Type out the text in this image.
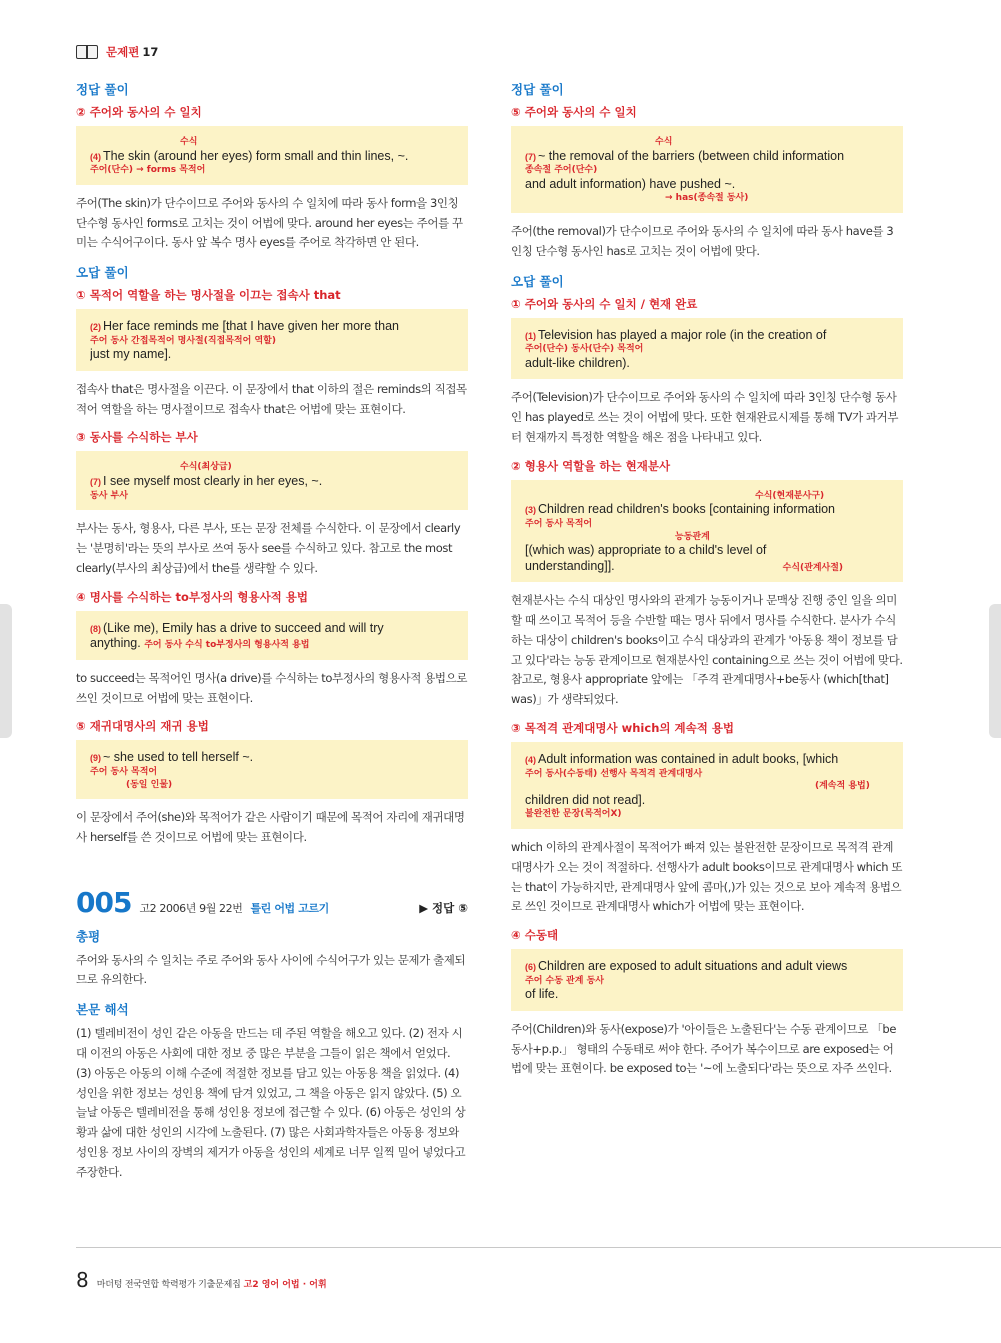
문제편 17
정답 풀이
② 주어와 동사의 수 일치
수식
(4) The skin (around her eyes) form small and thin lines, ~.
주어(단수) → forms 목적어
주어(The skin)가 단수이므로 주어와 동사의 수 일치에 따라 동사 form을 3인칭 단수형 동사인 forms로 고치는 것이 어법에 맞다. around her eyes는 주어를 꾸미는 수식어구이다. 동사 앞 복수 명사 eyes를 주어로 착각하면 안 된다.
오답 풀이
① 목적어 역할을 하는 명사절을 이끄는 접속사 that
(2) Her face reminds me [that I have given her more than
주어 동사 간접목적어 명사절(직접목적어 역할)
just my name].
접속사 that은 명사절을 이끈다. 이 문장에서 that 이하의 절은 reminds의 직접목적어 역할을 하는 명사절이므로 접속사 that은 어법에 맞는 표현이다.
③ 동사를 수식하는 부사
수식(최상급)
(7) I see myself most clearly in her eyes, ~.
동사 부사
부사는 동사, 형용사, 다른 부사, 또는 문장 전체를 수식한다. 이 문장에서 clearly는 '분명히'라는 뜻의 부사로 쓰여 동사 see를 수식하고 있다. 참고로 the most clearly(부사의 최상급)에서 the를 생략할 수 있다.
④ 명사를 수식하는 to부정사의 형용사적 용법
(8) (Like me), Emily has a drive to succeed and will try
anything. 주어 동사 수식 to부정사의 형용사적 용법
to succeed는 목적어인 명사(a drive)를 수식하는 to부정사의 형용사적 용법으로 쓰인 것이므로 어법에 맞는 표현이다.
⑤ 재귀대명사의 재귀 용법
(9) ~ she used to tell herself ~.
주어 동사 목적어
(동일 인물)
이 문장에서 주어(she)와 목적어가 같은 사람이기 때문에 목적어 자리에 재귀대명사 herself를 쓴 것이므로 어법에 맞는 표현이다.
005 고2 2006년 9월 22번 틀린 어법 고르기	▶ 정답 ⑤
총평
주어와 동사의 수 일치는 주로 주어와 동사 사이에 수식어구가 있는 문제가 출제되므로 유의한다.
본문 해석
(1) 텔레비전이 성인 같은 아동을 만드는 데 주된 역할을 해오고 있다. (2) 전자 시대 이전의 아동은 사회에 대한 정보 중 많은 부분을 그들이 읽은 책에서 얻었다. (3) 아동은 아동의 이해 수준에 적절한 정보를 담고 있는 아동용 책을 읽었다. (4) 성인을 위한 정보는 성인용 책에 담겨 있었고, 그 책을 아동은 읽지 않았다. (5) 오늘날 아동은 텔레비전을 통해 성인용 정보에 접근할 수 있다. (6) 아동은 성인의 상황과 삶에 대한 성인의 시각에 노출된다. (7) 많은 사회과학자들은 아동용 정보와 성인용 정보 사이의 장벽의 제거가 아동을 성인의 세계로 너무 일찍 밀어 넣었다고 주장한다.
정답 풀이
⑤ 주어와 동사의 수 일치
수식
(7) ~ the removal of the barriers (between child information
종속절 주어(단수)
and adult information) have pushed ~.
→ has(종속절 동사)
주어(the removal)가 단수이므로 주어와 동사의 수 일치에 따라 동사 have를 3인칭 단수형 동사인 has로 고치는 것이 어법에 맞다.
오답 풀이
① 주어와 동사의 수 일치 / 현재 완료
(1) Television has played a major role (in the creation of
주어(단수) 동사(단수) 목적어
adult-like children).
주어(Television)가 단수이므로 주어와 동사의 수 일치에 따라 3인칭 단수형 동사인 has played로 쓰는 것이 어법에 맞다. 또한 현재완료시제를 통해 TV가 과거부터 현재까지 특정한 역할을 해온 점을 나타내고 있다.
② 형용사 역할을 하는 현재분사
수식(현재분사구)
(3) Children read children's books [containing information
주어 동사 목적어
능동관계
[(which was) appropriate to a child's level of
understanding]].	수식(관계사절)
현재분사는 수식 대상인 명사와의 관계가 능동이거나 문맥상 진행 중인 일을 의미할 때 쓰이고 목적어 등을 수반할 때는 명사 뒤에서 명사를 수식한다. 분사가 수식하는 대상이 children's books이고 수식 대상과의 관계가 '아동용 책이 정보를 담고 있다'라는 능동 관계이므로 현재분사인 containing으로 쓰는 것이 어법에 맞다. 참고로, 형용사 appropriate 앞에는 「주격 관계대명사+be동사 (which[that] was)」가 생략되었다.
③ 목적격 관계대명사 which의 계속적 용법
(4) Adult information was contained in adult books, [which
주어 동사(수동태) 선행사 목적격 관계대명사
(계속적 용법)
children did not read].
불완전한 문장(목적어X)
which 이하의 관계사절이 목적어가 빠져 있는 불완전한 문장이므로 목적격 관계대명사가 오는 것이 적절하다. 선행사가 adult books이므로 관계대명사 which 또는 that이 가능하지만, 관계대명사 앞에 콤마(,)가 있는 것으로 보아 계속적 용법으로 쓰인 것이므로 관계대명사 which가 어법에 맞는 표현이다.
④ 수동태
(6) Children are exposed to adult situations and adult views
주어 수동 관계 동사
of life.
주어(Children)와 동사(expose)가 '아이들은 노출된다'는 수동 관계이므로 「be동사+p.p.」 형태의 수동태로 써야 한다. 주어가 복수이므로 are exposed는 어법에 맞는 표현이다. be exposed to는 '~에 노출되다'라는 뜻으로 자주 쓰인다.
8 마더텅 전국연합 학력평가 기출문제집 고2 영어 어법 · 어휘
